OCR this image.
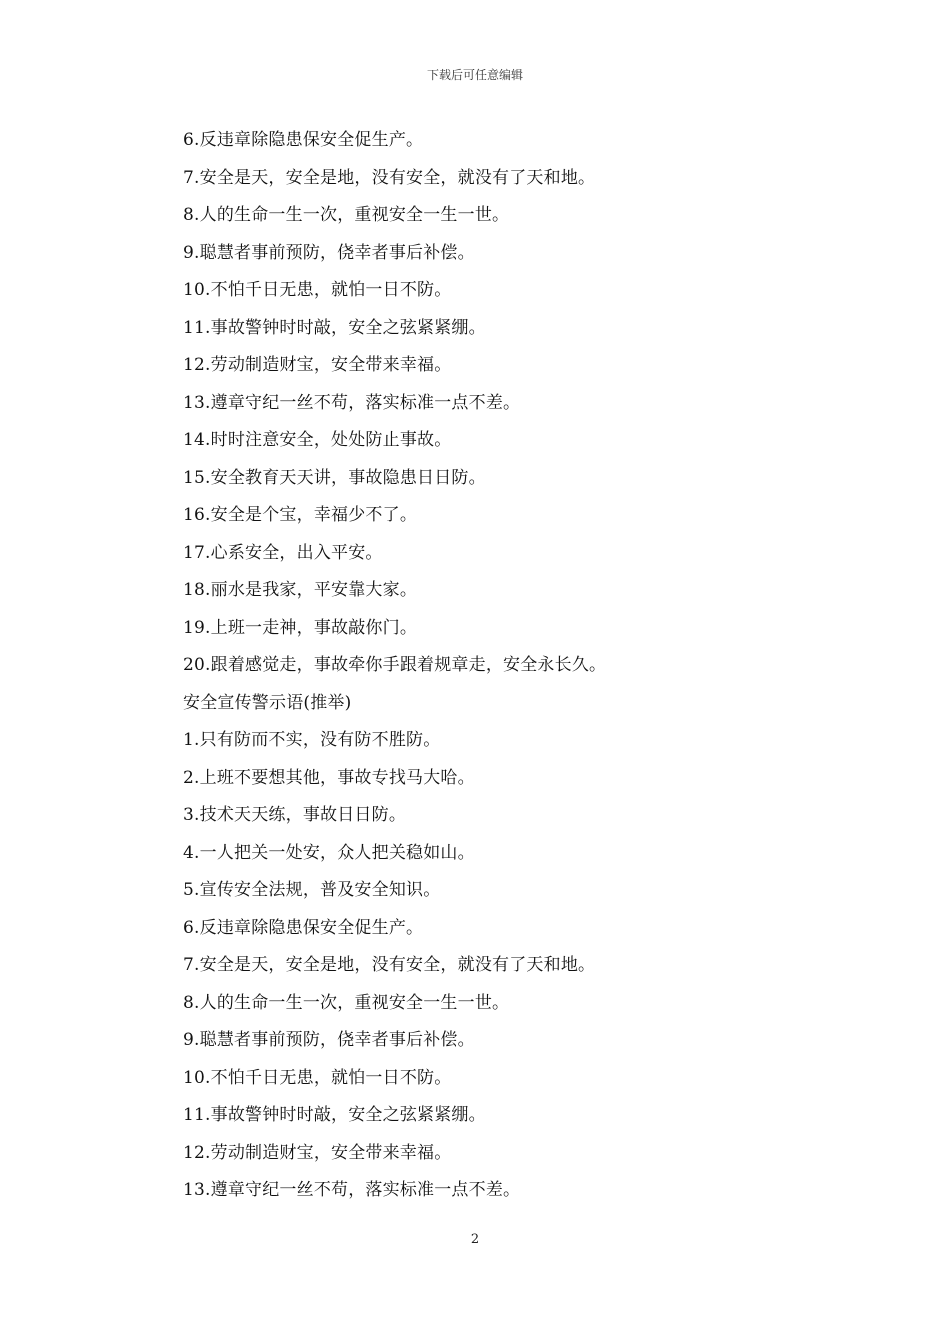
下载后可任意编辑
6.反违章除隐患保安全促生产。
7.安全是天，安全是地，没有安全，就没有了天和地。
8.人的生命一生一次，重视安全一生一世。
9.聪慧者事前预防，侥幸者事后补偿。
10.不怕千日无患，就怕一日不防。
11.事故警钟时时敲，安全之弦紧紧绷。
12.劳动制造财宝，安全带来幸福。
13.遵章守纪一丝不苟，落实标准一点不差。
14.时时注意安全，处处防止事故。
15.安全教育天天讲，事故隐患日日防。
16.安全是个宝，幸福少不了。
17.心系安全，出入平安。
18.丽水是我家，平安靠大家。
19.上班一走神，事故敲你门。
20.跟着感觉走，事故牵你手跟着规章走，安全永长久。
安全宣传警示语(推举)
1.只有防而不实，没有防不胜防。
2.上班不要想其他，事故专找马大哈。
3.技术天天练，事故日日防。
4.一人把关一处安，众人把关稳如山。
5.宣传安全法规，普及安全知识。
6.反违章除隐患保安全促生产。
7.安全是天，安全是地，没有安全，就没有了天和地。
8.人的生命一生一次，重视安全一生一世。
9.聪慧者事前预防，侥幸者事后补偿。
10.不怕千日无患，就怕一日不防。
11.事故警钟时时敲，安全之弦紧紧绷。
12.劳动制造财宝，安全带来幸福。
13.遵章守纪一丝不苟，落实标准一点不差。
2
